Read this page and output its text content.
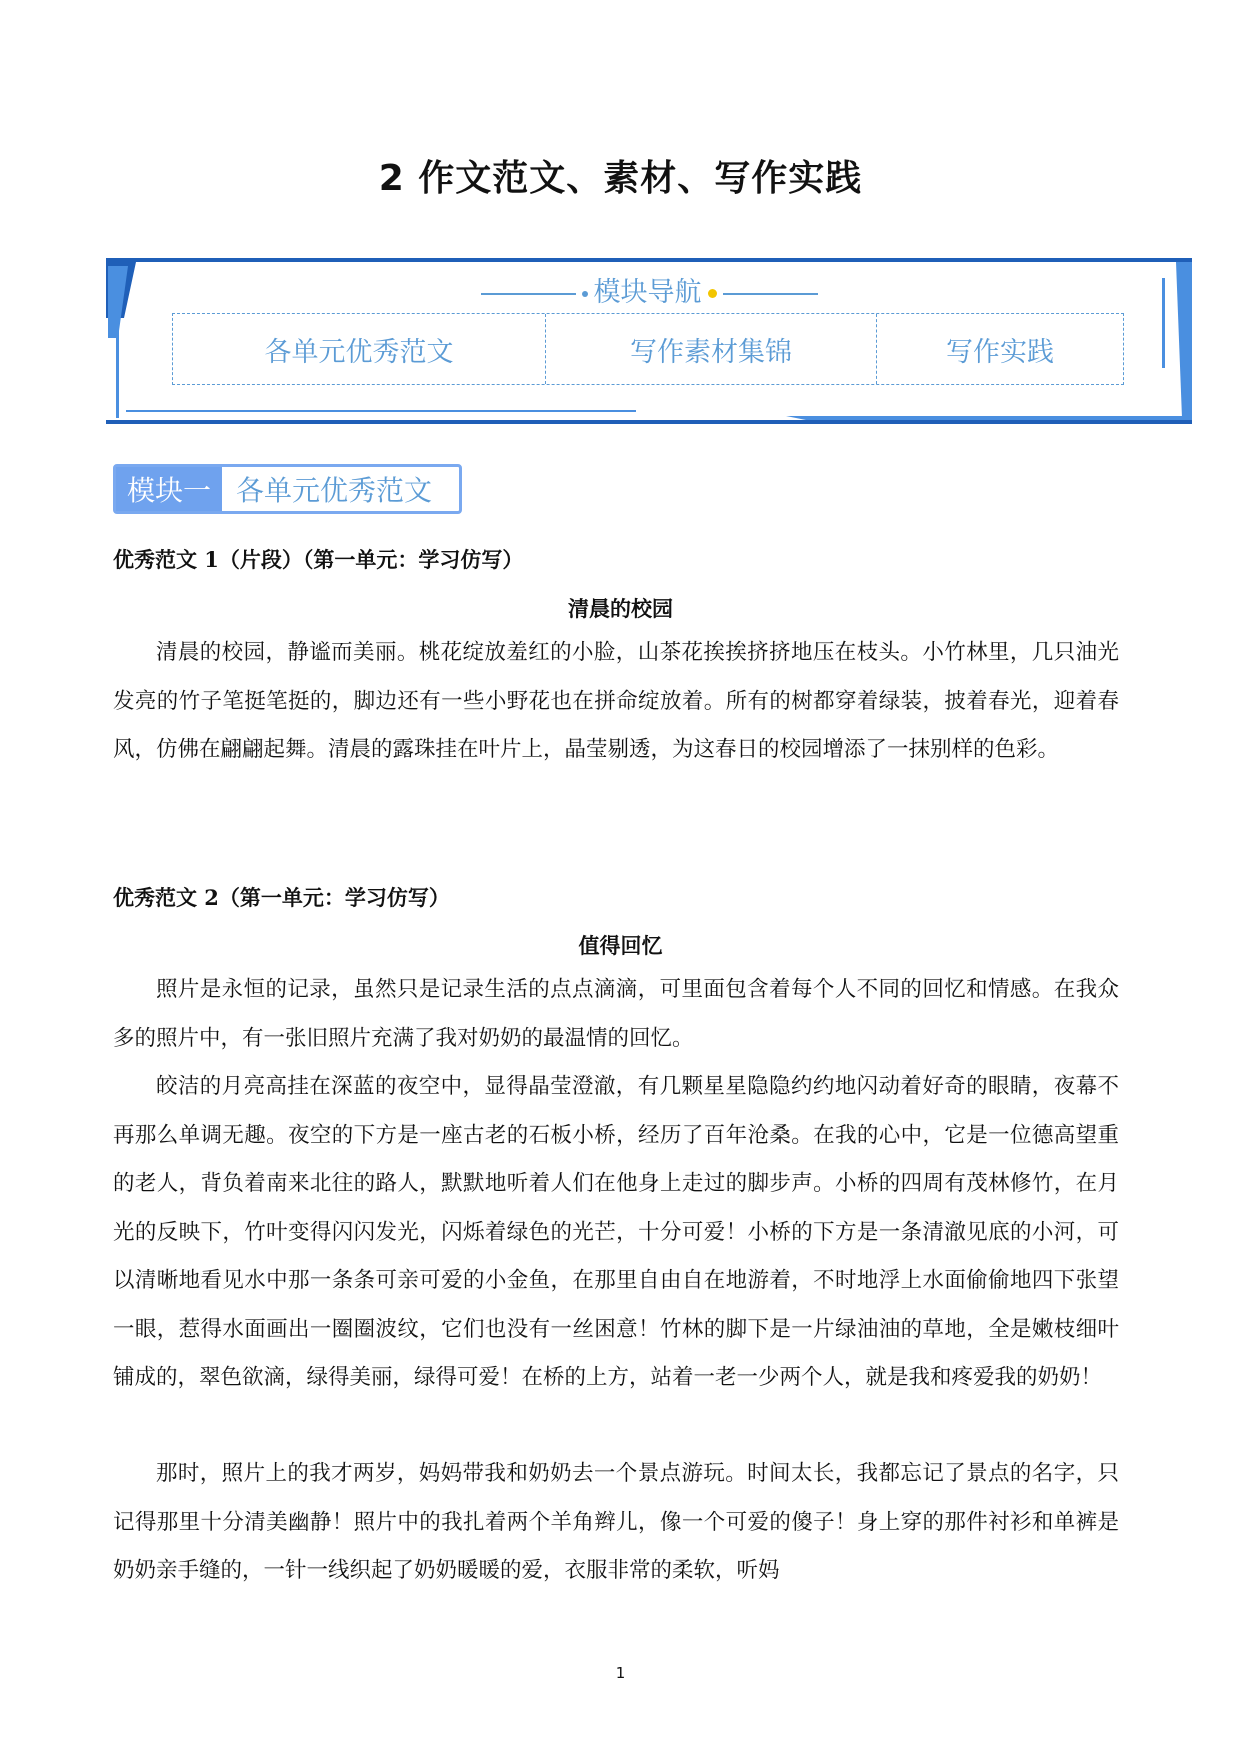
2 作文范文、素材、写作实践
模块导航
各单元优秀范文	写作素材集锦	写作实践
模块一 各单元优秀范文
优秀范文 1（片段）（第一单元：学习仿写）
清晨的校园

清晨的校园，静谧而美丽。桃花绽放羞红的小脸，山茶花挨挨挤挤地压在枝头。小竹林里，几只油光发亮的竹子笔挺笔挺的，脚边还有一些小野花也在拼命绽放着。所有的树都穿着绿装，披着春光，迎着春风，仿佛在翩翩起舞。清晨的露珠挂在叶片上，晶莹剔透，为这春日的校园增添了一抹别样的色彩。

优秀范文 2（第一单元：学习仿写）
值得回忆

照片是永恒的记录，虽然只是记录生活的点点滴滴，可里面包含着每个人不同的回忆和情感。在我众多的照片中，有一张旧照片充满了我对奶奶的最温情的回忆。

皎洁的月亮高挂在深蓝的夜空中，显得晶莹澄澈，有几颗星星隐隐约约地闪动着好奇的眼睛，夜幕不再那么单调无趣。夜空的下方是一座古老的石板小桥，经历了百年沧桑。在我的心中，它是一位德高望重的老人，背负着南来北往的路人，默默地听着人们在他身上走过的脚步声。小桥的四周有茂林修竹，在月光的反映下，竹叶变得闪闪发光，闪烁着绿色的光芒，十分可爱！小桥的下方是一条清澈见底的小河，可以清晰地看见水中那一条条可亲可爱的小金鱼，在那里自由自在地游着，不时地浮上水面偷偷地四下张望一眼，惹得水面画出一圈圈波纹，它们也没有一丝困意！竹林的脚下是一片绿油油的草地，全是嫩枝细叶铺成的，翠色欲滴，绿得美丽，绿得可爱！在桥的上方，站着一老一少两个人，就是我和疼爱我的奶奶！

那时，照片上的我才两岁，妈妈带我和奶奶去一个景点游玩。时间太长，我都忘记了景点的名字，只记得那里十分清美幽静！照片中的我扎着两个羊角辫儿，像一个可爱的傻子！身上穿的那件衬衫和单裤是奶奶亲手缝的，一针一线织起了奶奶暖暖的爱，衣服非常的柔软，听妈

1
